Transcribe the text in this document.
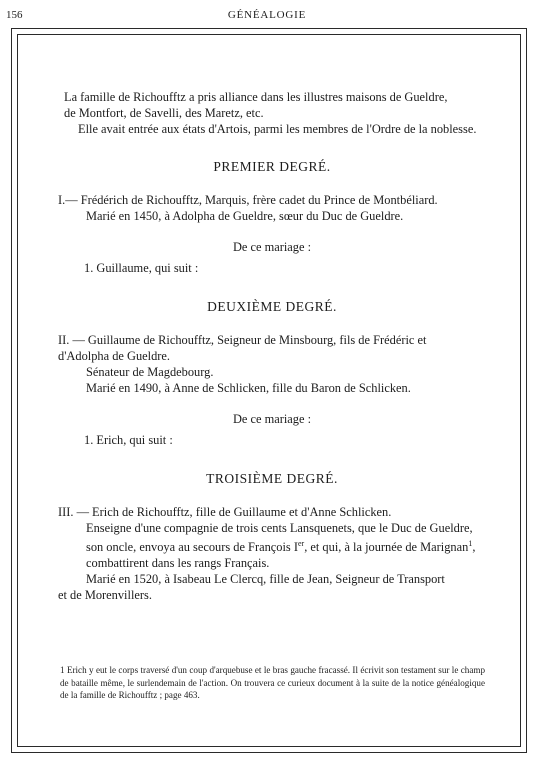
156	GÉNÉALOGIE

La famille de Richoufftz a pris alliance dans les illustres maisons de Gueldre,

de Montfort, de Savelli, des Maretz, etc.

Elle avait entrée aux états d'Artois, parmi les membres de l'Ordre de la noblesse.

PREMIER DEGRÉ.

I.— Frédérich de Richoufftz, Marquis, frère cadet du Prince de Montbéliard.

Marié en 1450, à Adolpha de Gueldre, sœur du Duc de Gueldre.

De ce mariage :

1. Guillaume, qui suit :

DEUXIÈME DEGRÉ.

II. — Guillaume de Richoufftz, Seigneur de Minsbourg, fils de Frédéric et

d'Adolpha de Gueldre.

Sénateur de Magdebourg.

Marié en 1490, à Anne de Schlicken, fille du Baron de Schlicken.

De ce mariage :

1. Erich, qui suit :

TROISIÈME DEGRÉ.

III. — Erich de Richoufftz, fille de Guillaume et d'Anne Schlicken.

Enseigne d'une compagnie de trois cents Lansquenets, que le Duc de Gueldre,

son oncle, envoya au secours de François Ier, et qui, à la journée de Marignan$^1$,

combattirent dans les rangs Français.

Marié en 1520, à Isabeau Le Clercq, fille de Jean, Seigneur de Transport

et de Morenvillers.

1 Erich y eut le corps traversé d'un coup d'arquebuse et le bras gauche fracassé. Il écrivit son testament sur le champ de bataille même, le surlendemain de l'action. On trouvera ce curieux document à la suite de la notice généalogique de la famille de Richoufftz ; page 463.
